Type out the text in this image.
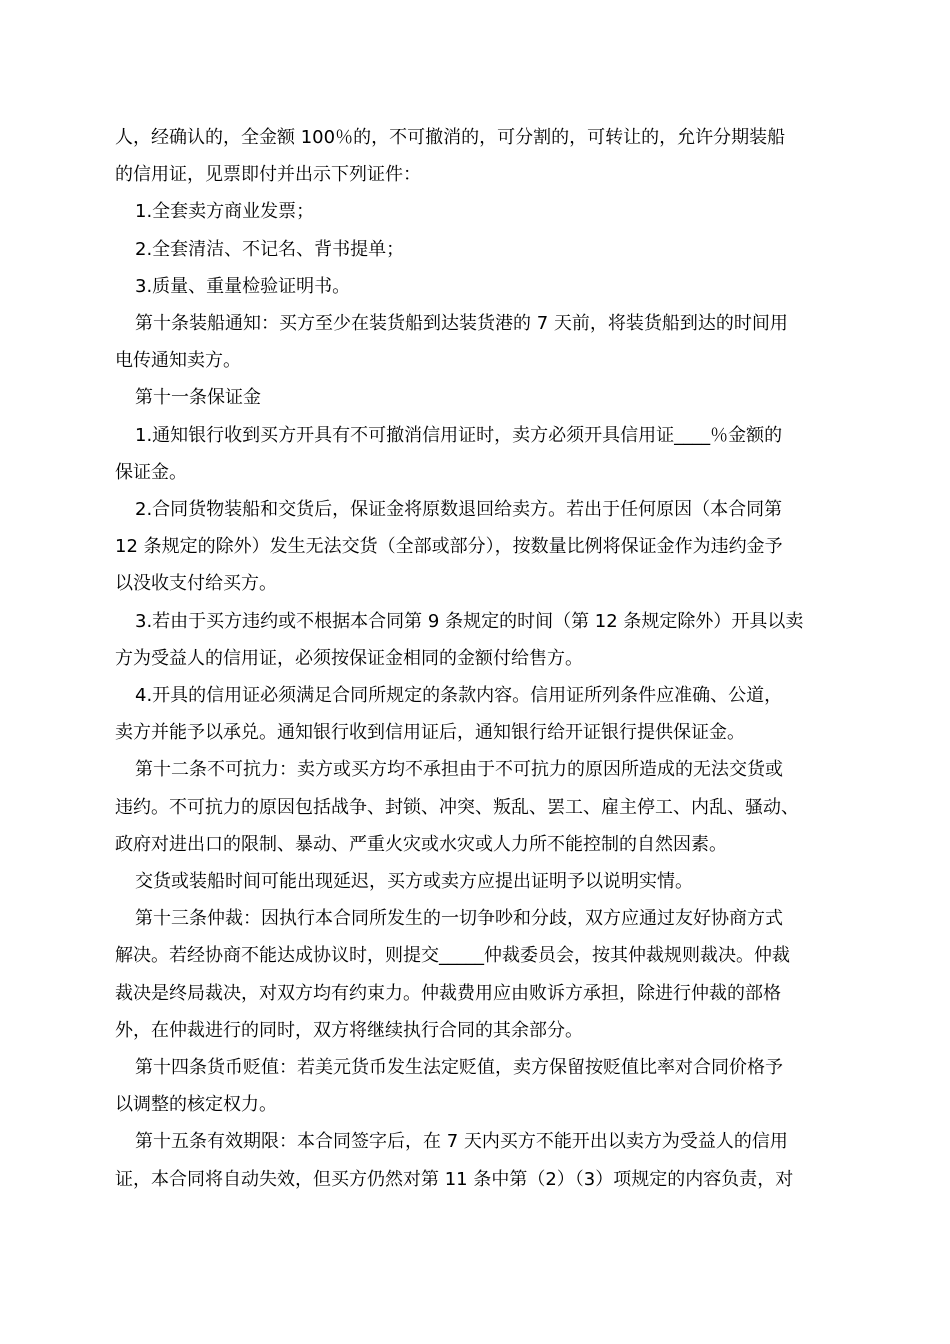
人，经确认的，全金额 100％的，不可撤消的，可分割的，可转让的，允许分期装船
的信用证，见票即付并出示下列证件：

1.全套卖方商业发票；

2.全套清洁、不记名、背书提单；

3.质量、重量检验证明书。

第十条装船通知：买方至少在装货船到达装货港的 7 天前，将装货船到达的时间用
电传通知卖方。

第十一条保证金

1.通知银行收到买方开具有不可撤消信用证时，卖方必须开具信用证____％金额的
保证金。

2.合同货物装船和交货后，保证金将原数退回给卖方。若出于任何原因（本合同第
12 条规定的除外）发生无法交货（全部或部分），按数量比例将保证金作为违约金予
以没收支付给买方。

3.若由于买方违约或不根据本合同第 9 条规定的时间（第 12 条规定除外）开具以卖
方为受益人的信用证，必须按保证金相同的金额付给售方。

4.开具的信用证必须满足合同所规定的条款内容。信用证所列条件应准确、公道，
卖方并能予以承兑。通知银行收到信用证后，通知银行给开证银行提供保证金。

第十二条不可抗力：卖方或买方均不承担由于不可抗力的原因所造成的无法交货或
违约。不可抗力的原因包括战争、封锁、冲突、叛乱、罢工、雇主停工、内乱、骚动、
政府对进出口的限制、暴动、严重火灾或水灾或人力所不能控制的自然因素。

交货或装船时间可能出现延迟，买方或卖方应提出证明予以说明实情。

第十三条仲裁：因执行本合同所发生的一切争吵和分歧，双方应通过友好协商方式
解决。若经协商不能达成协议时，则提交_____仲裁委员会，按其仲裁规则裁决。仲裁
裁决是终局裁决，对双方均有约束力。仲裁费用应由败诉方承担，除进行仲裁的部格
外，在仲裁进行的同时，双方将继续执行合同的其余部分。

第十四条货币贬值：若美元货币发生法定贬值，卖方保留按贬值比率对合同价格予
以调整的核定权力。

第十五条有效期限：本合同签字后，在 7 天内买方不能开出以卖方为受益人的信用
证，本合同将自动失效，但买方仍然对第 11 条中第（2）（3）项规定的内容负责，对
